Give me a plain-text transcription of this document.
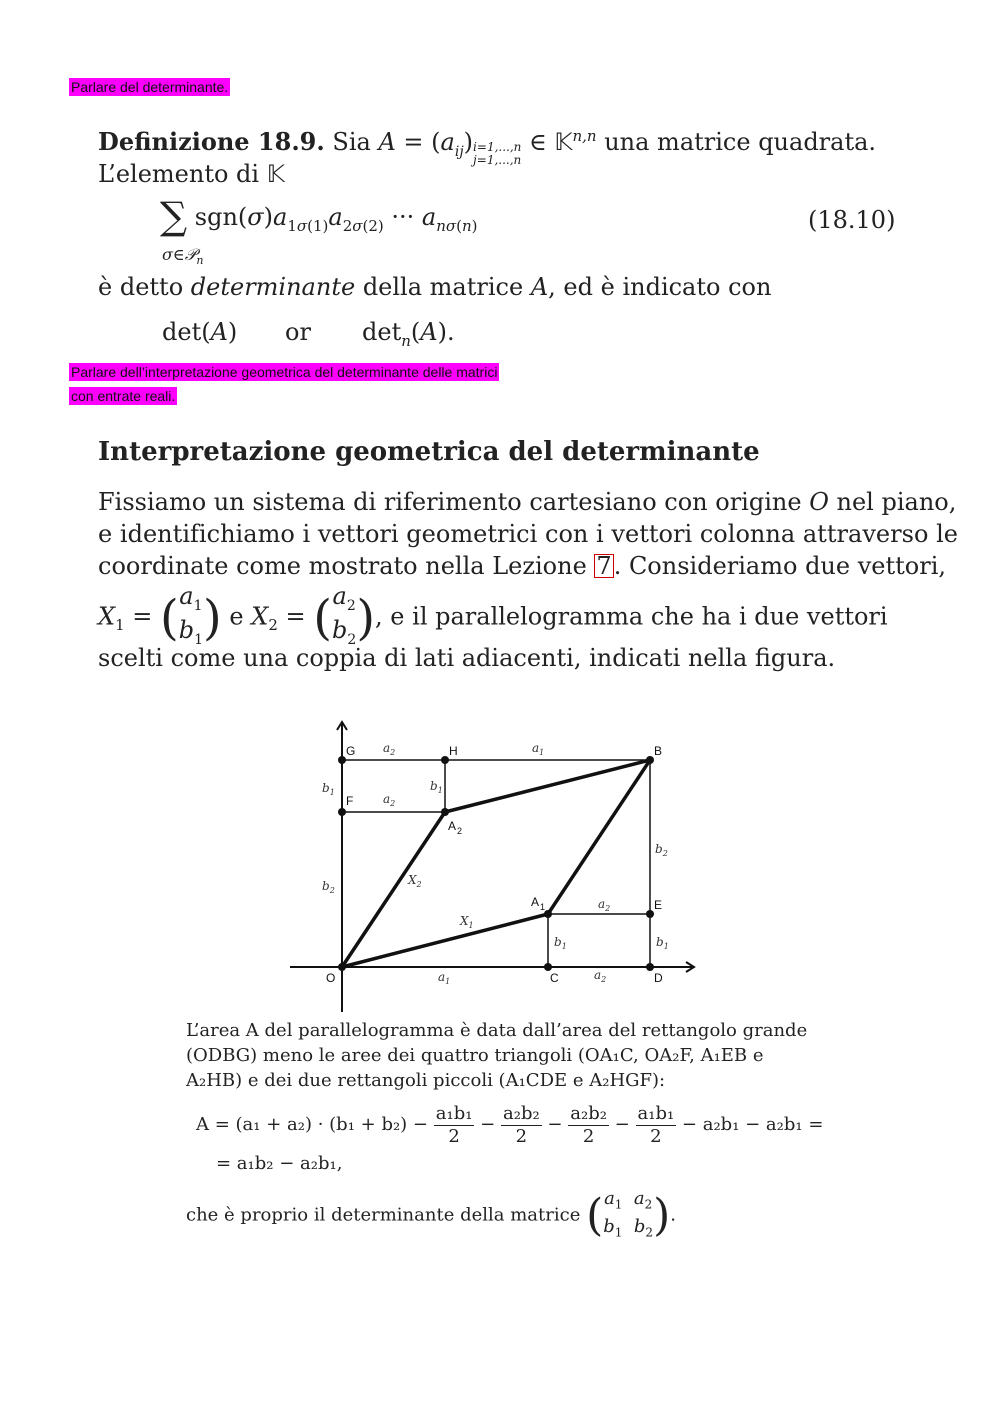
Parlare del determinante.
Parlare dell’interpretazione geometrica del determinante delle matrici
con entrate reali.
Definizione 18.9. Sia $A = (a_{ij})i=1,...,n$
j=1,...,n ∈ 𝕂$^{n,n}$ una matrice quadrata.
L’elemento di 𝕂
∑ $sgn(\sigma)a_{1\sigma(1)}a_{2\sigma(2)}$ ··· $a_{n\sigma(n)}$
σ∈𝒫$_n$
(18.10)
è detto determinante della matrice A, ed è indicato con
det(A) or $\det_n(A)$.
Interpretazione geometrica del determinante
Fissiamo un sistema di riferimento cartesiano con origine O nel piano,
e identifichiamo i vettori geometrici con i vettori colonna attraverso le
coordinate come mostrato nella Lezione 7. Consideriamo due vettori,
$X_1 = (a_1$
$b_1$) e $X_2 = (a_2$
$b_2$), e il parallelogramma che ha i due vettori
scelti come una coppia di lati adiacenti, indicati nella figura.
G	H	B
F
A 2
A 1
O	C	D
E
$a_2$	$a_1$
$b_1$	$a_2$
$b_1$
$b_2$
$b_2$
$X_2$
$X_1$
$a_2$
$b_1$	$b_1$
$a_1$	$a_2$
L’area A del parallelogramma è data dall’area del rettangolo grande
(ODBG) meno le aree dei quattro triangoli (OA₁C, OA₂F, A₁EB e
A₂HB) e dei due rettangoli piccoli (A₁CDE e A₂HGF):
$A = (a_1 + a_2) \cdot (b_1 + b_2) - \frac{\text{a₁b₁}}{2} - \frac{\text{a₂b₂}}{2} - \frac{\text{a₂b₂}}{2} - \frac{\text{a₁b₁}}{2} - a_2b_1 - a_2b_1$ =
= a₁b₂ − a₂b₁,
che è proprio il determinante della matrice ($a_1$ $a_2$
$b_1$ $b_2$).
